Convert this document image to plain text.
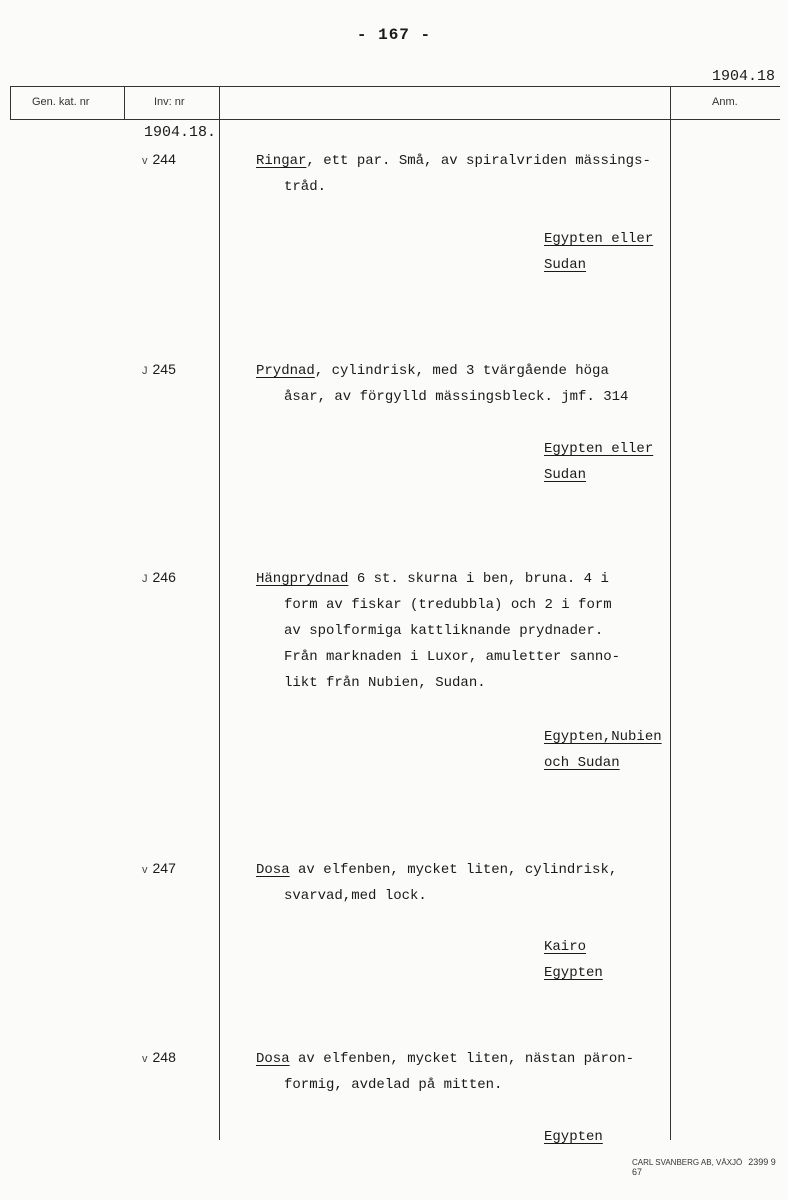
- 167 -
1904.18
Gen. kat. nr	Inv: nr	Anm.
1904.18.
v 244	Ringar, ett par. Små, av spiralvriden mässings-
tråd.
Egypten eller
Sudan
J 245	Prydnad, cylindrisk, med 3 tvärgående höga
åsar, av förgylld mässingsbleck. jmf. 314
Egypten eller
Sudan
J 246	Hängprydnad 6 st. skurna i ben, bruna. 4 i
form av fiskar (tredubbla) och 2 i form
av spolformiga kattliknande prydnader.
Från marknaden i Luxor, amuletter sanno-
likt från Nubien, Sudan.
Egypten,Nubien
och Sudan
v 247	Dosa av elfenben, mycket liten, cylindrisk,
svarvad,med lock.
Kairo
Egypten
v 248	Dosa av elfenben, mycket liten, nästan päron-
formig, avdelad på mitten.
Egypten
CARL SVANBERG AB, VÄXJÖ 2399 9 67
